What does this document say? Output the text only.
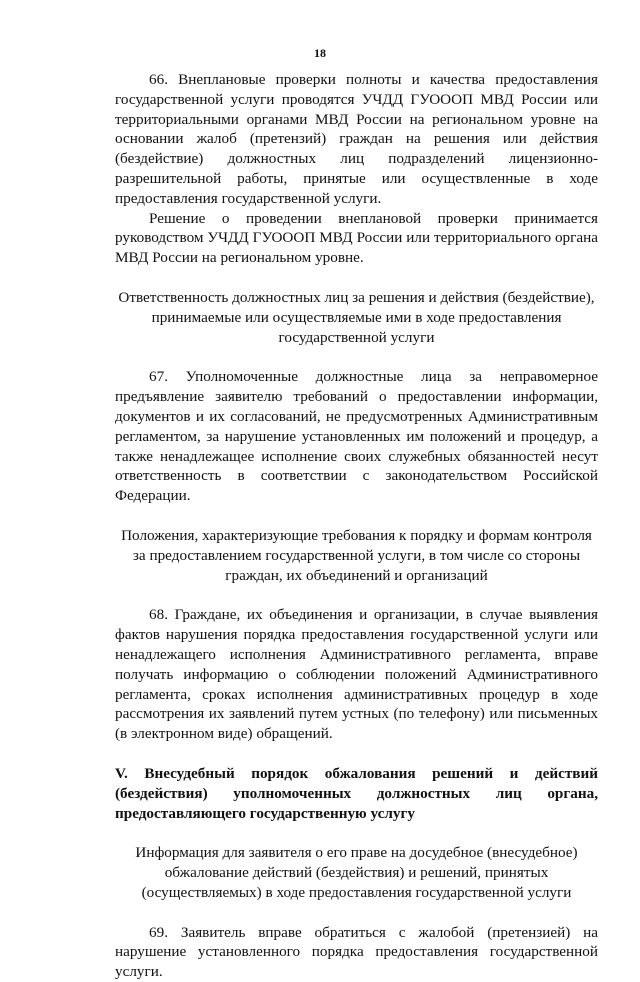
18

66. Внеплановые проверки полноты и качества предоставления государственной услуги проводятся УЧДД ГУОООП МВД России или территориальными органами МВД России на региональном уровне на основании жалоб (претензий) граждан на решения или действия (бездействие) должностных лиц подразделений лицензионно-разрешительной работы, принятые или осуществленные в ходе предоставления государственной услуги.

Решение о проведении внеплановой проверки принимается руководством УЧДД ГУОООП МВД России или территориального органа МВД России на региональном уровне.

Ответственность должностных лиц за решения и действия (бездействие), принимаемые или осуществляемые ими в ходе предоставления государственной услуги

67. Уполномоченные должностные лица за неправомерное предъявление заявителю требований о предоставлении информации, документов и их согласований, не предусмотренных Административным регламентом, за нарушение установленных им положений и процедур, а также ненадлежащее исполнение своих служебных обязанностей несут ответственность в соответствии с законодательством Российской Федерации.

Положения, характеризующие требования к порядку и формам контроля за предоставлением государственной услуги, в том числе со стороны граждан, их объединений и организаций

68. Граждане, их объединения и организации, в случае выявления фактов нарушения порядка предоставления государственной услуги или ненадлежащего исполнения Административного регламента, вправе получать информацию о соблюдении положений Административного регламента, сроках исполнения административных процедур в ходе рассмотрения их заявлений путем устных (по телефону) или письменных (в электронном виде) обращений.

V. Внесудебный порядок обжалования решений и действий (бездействия) уполномоченных должностных лиц органа, предоставляющего государственную услугу

Информация для заявителя о его праве на досудебное (внесудебное) обжалование действий (бездействия) и решений, принятых (осуществляемых) в ходе предоставления государственной услуги

69. Заявитель вправе обратиться с жалобой (претензией) на нарушение установленного порядка предоставления государственной услуги.
